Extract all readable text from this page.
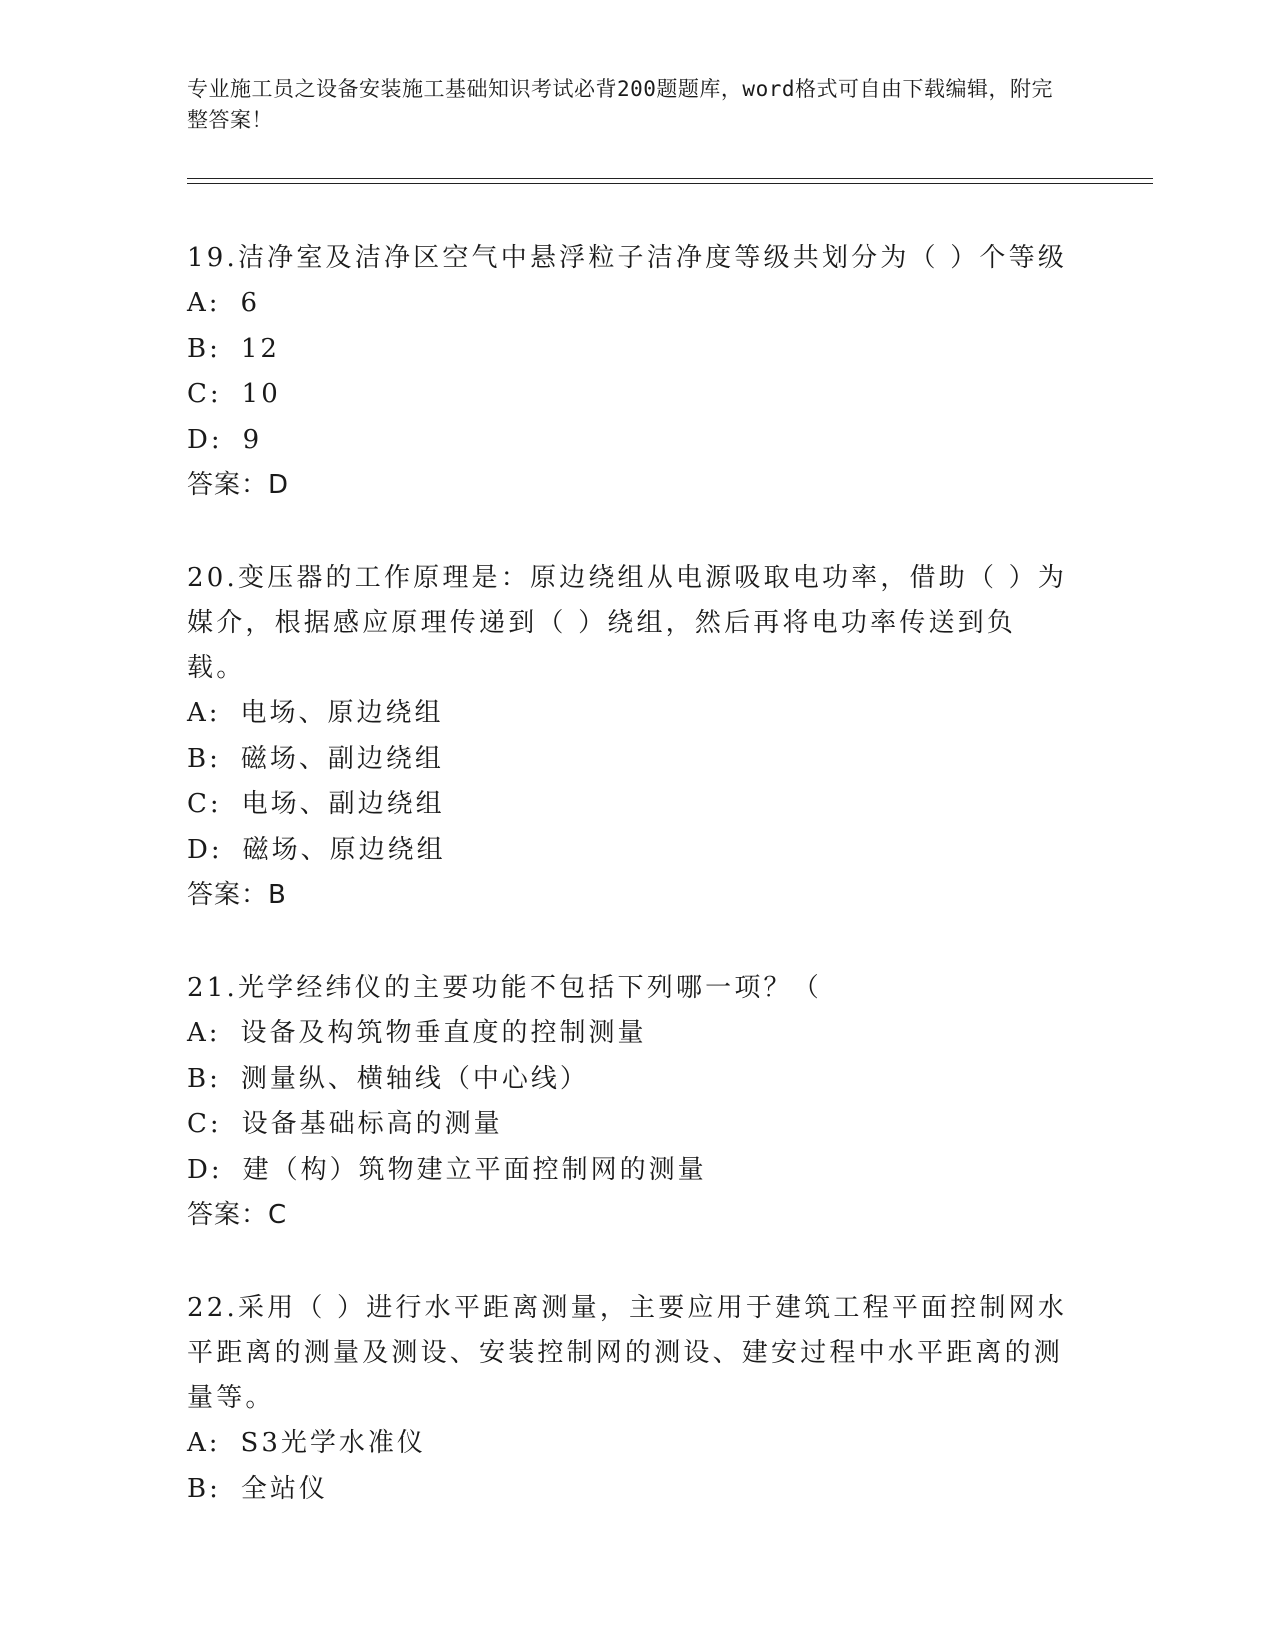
专业施工员之设备安装施工基础知识考试必背200题题库，word格式可自由下载编辑，附完整答案！
19.洁净室及洁净区空气中悬浮粒子洁净度等级共划分为（ ）个等级
A: 6
B: 12
C: 10
D: 9
答案：D
20.变压器的工作原理是：原边绕组从电源吸取电功率，借助（ ）为媒介，根据感应原理传递到（ ）绕组，然后再将电功率传送到负载。
A: 电场、原边绕组
B: 磁场、副边绕组
C: 电场、副边绕组
D: 磁场、原边绕组
答案：B
21.光学经纬仪的主要功能不包括下列哪一项？（
A: 设备及构筑物垂直度的控制测量
B: 测量纵、横轴线（中心线）
C: 设备基础标高的测量
D: 建（构）筑物建立平面控制网的测量
答案：C
22.采用（ ）进行水平距离测量，主要应用于建筑工程平面控制网水平距离的测量及测设、安装控制网的测设、建安过程中水平距离的测量等。
A: S3光学水准仪
B: 全站仪
